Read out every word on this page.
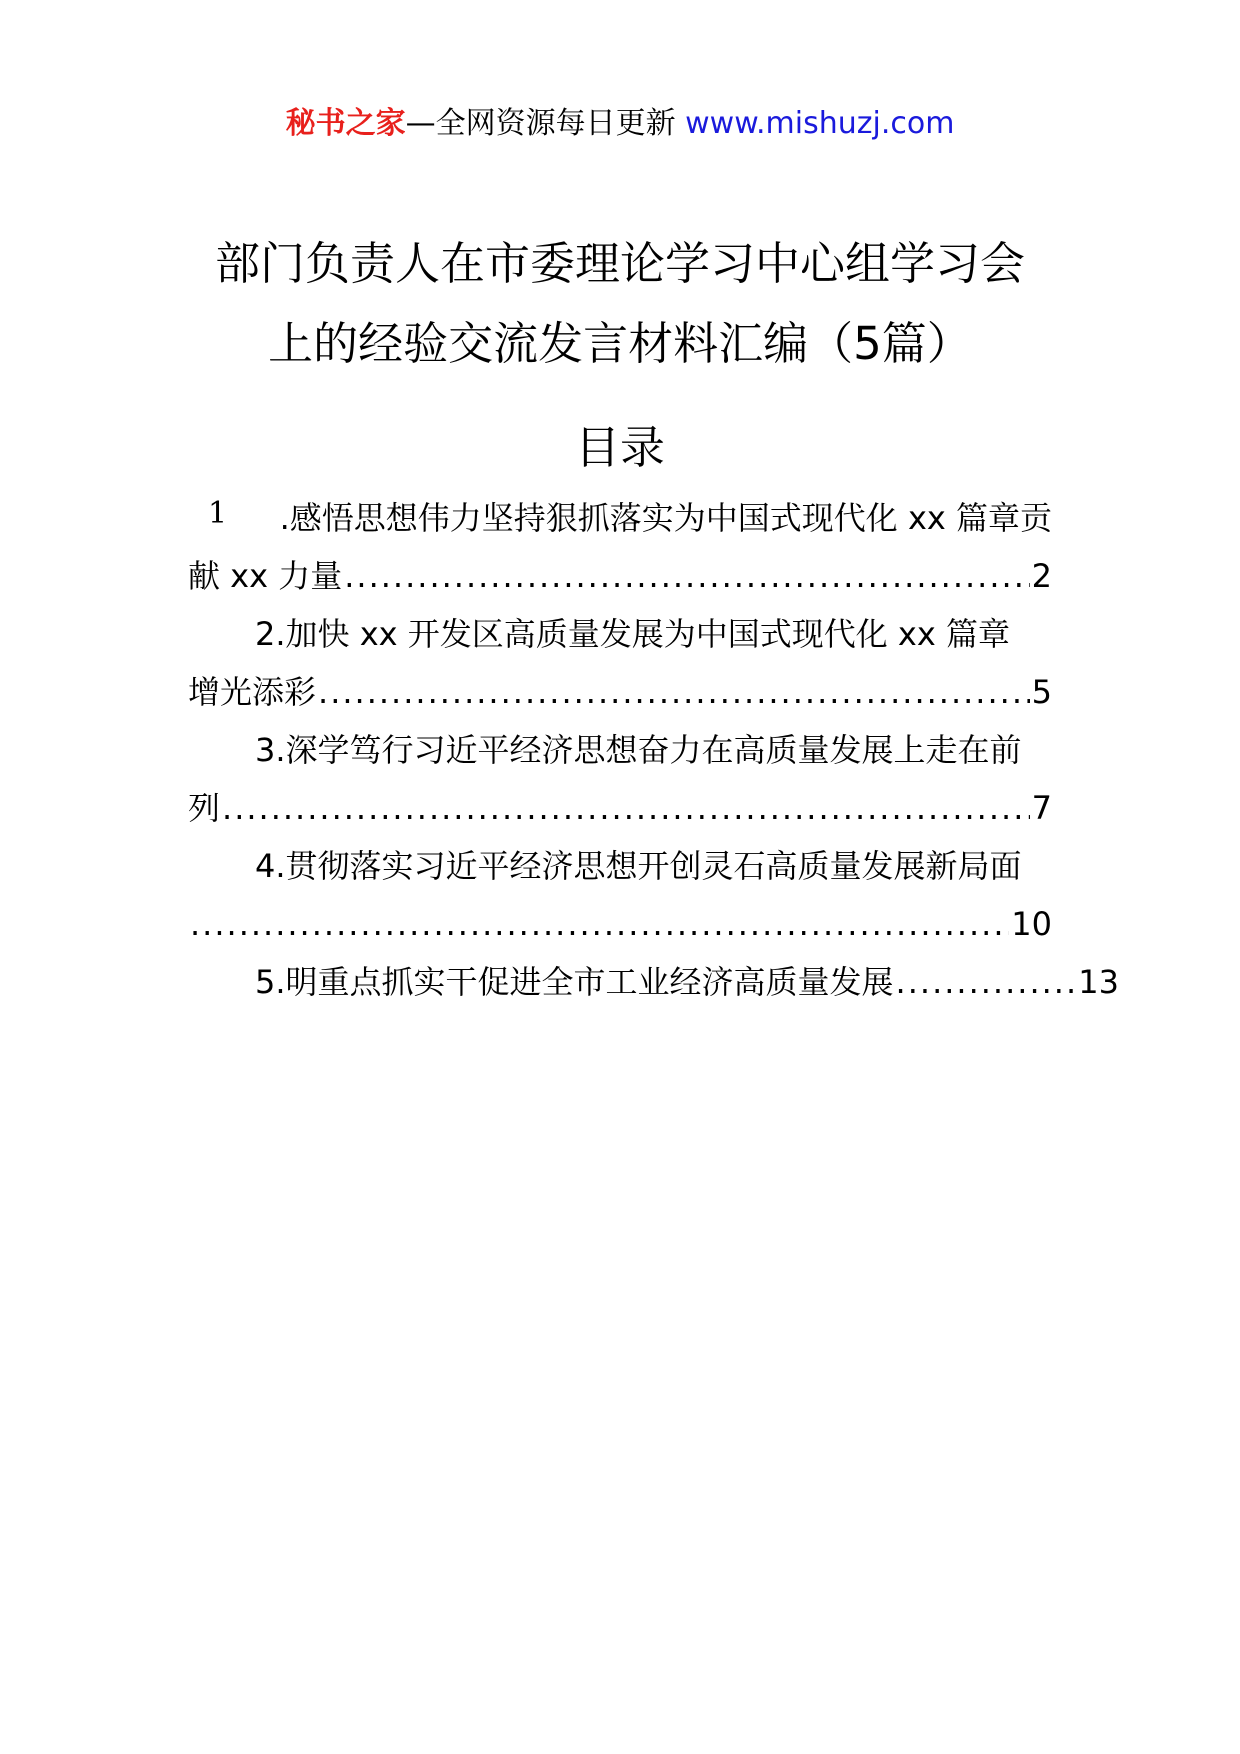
秘书之家—全网资源每日更新 www.mishuzj.com
部门负责人在市委理论学习中心组学习会
上的经验交流发言材料汇编（5篇）
目录
1	.感悟思想伟力坚持狠抓落实为中国式现代化 xx 篇章贡
献 xx 力量 .....	2
2.加快 xx 开发区高质量发展为中国式现代化 xx 篇章
增光添彩 .....	5
3.深学笃行习近平经济思想奋力在高质量发展上走在前
列 .....	7
4.贯彻落实习近平经济思想开创灵石高质量发展新局面
.....
10
5.明重点抓实干促进全市工业经济高质量发展 .....	13
